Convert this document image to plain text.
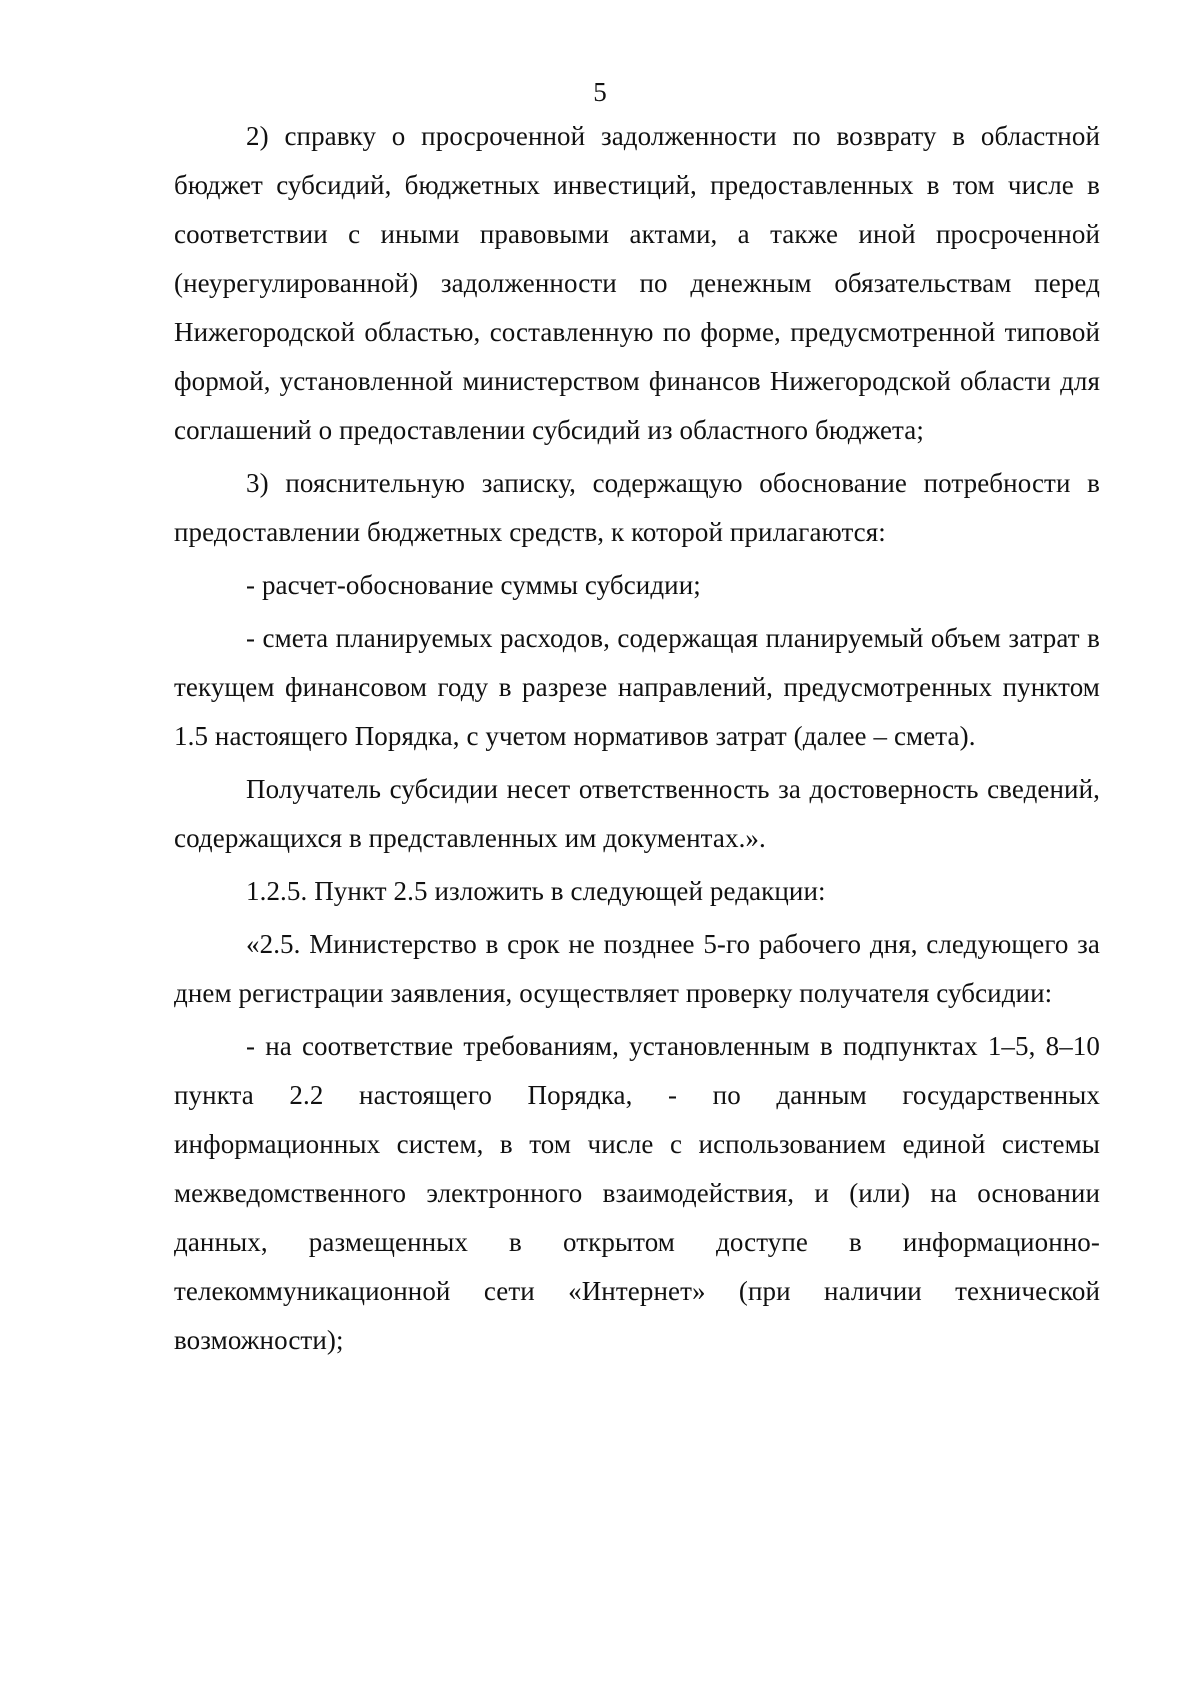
5

2) справку о просроченной задолженности по возврату в областной бюджет субсидий, бюджетных инвестиций, предоставленных в том числе в соответствии с иными правовыми актами, а также иной просроченной (неурегулированной) задолженности по денежным обязательствам перед Нижегородской областью, составленную по форме, предусмотренной типовой формой, установленной министерством финансов Нижегородской области для соглашений о предоставлении субсидий из областного бюджета;

3) пояснительную записку, содержащую обоснование потребности в предоставлении бюджетных средств, к которой прилагаются:

- расчет-обоснование суммы субсидии;

- смета планируемых расходов, содержащая планируемый объем затрат в текущем финансовом году в разрезе направлений, предусмотренных пунктом 1.5 настоящего Порядка, с учетом нормативов затрат (далее – смета).

Получатель субсидии несет ответственность за достоверность сведений, содержащихся в представленных им документах.».

1.2.5. Пункт 2.5 изложить в следующей редакции:

«2.5. Министерство в срок не позднее 5-го рабочего дня, следующего за днем регистрации заявления, осуществляет проверку получателя субсидии:

- на соответствие требованиям, установленным в подпунктах 1–5, 8–10 пункта 2.2 настоящего Порядка, - по данным государственных информационных систем, в том числе с использованием единой системы межведомственного электронного взаимодействия, и (или) на основании данных, размещенных в открытом доступе в информационно-телекоммуникационной сети «Интернет» (при наличии технической возможности);
